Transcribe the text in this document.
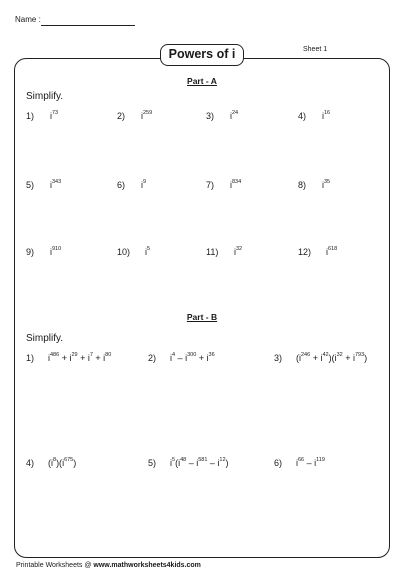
Name :
Sheet 1
Powers of i
Part - A
Simplify.
1) $i^{73}$	2) $i^{259}$	3) $i^{24}$	4) $i^{16}$
5) $i^{343}$	6) $i^9$	7) $i^{834}$	8) $i^{35}$
9) $i^{910}$	10) $i^5$	11) $i^{32}$	12) $i^{618}$
Part - B
Simplify.
1) $i^{486} + i^{29} + i^7 + i^{80}$	2) $i^4 - i^{300} + i^{36}$	3) $(i^{246} + i^{42})(i^{32} + i^{793})$
4) $(i^8)(i^{675})$	5) $i^5(i^{48} - i^{581} - i^{12})$	6) $i^{66} - i^{119}$
Printable Worksheets @ www.mathworksheets4kids.com
